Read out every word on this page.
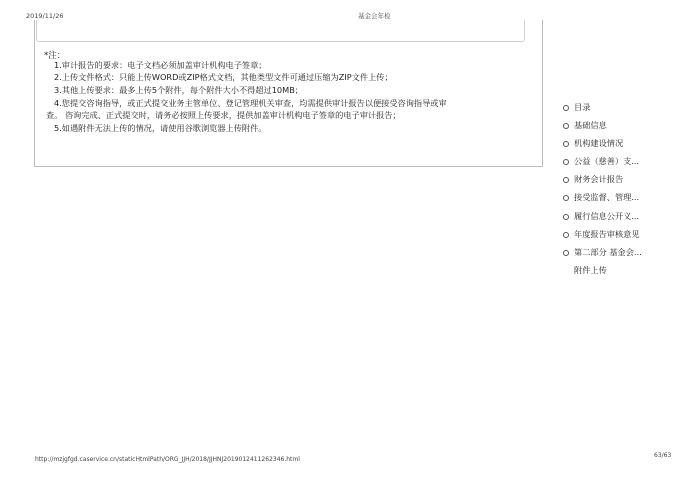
2019/11/26	基金会年检
*注：
1.审计报告的要求：电子文档必须加盖审计机构电子签章；
2.上传文件格式：只能上传WORD或ZIP格式文档，其他类型文件可通过压缩为ZIP文件上传；
3.其他上传要求：最多上传5个附件，每个附件大小不得超过10MB；
4.您提交咨询指导，或正式提交业务主管单位、登记管理机关审查，均需提供审计报告以便接受咨询指导或审
查。 咨询完成、正式提交时，请务必按照上传要求，提供加盖审计机构电子签章的电子审计报告；
5.如遇附件无法上传的情况，请使用谷歌浏览器上传附件。
目录
基础信息
机构建设情况
公益（慈善）支...
财务会计报告
接受监督、管理...
履行信息公开义...
年度报告审核意见
第二部分 基金会...
附件上传
http://mzjgfgd.caservice.cn/staticHtmlPath/ORG_JJH/2018/JJHNJ2019012411262346.html
63/63
